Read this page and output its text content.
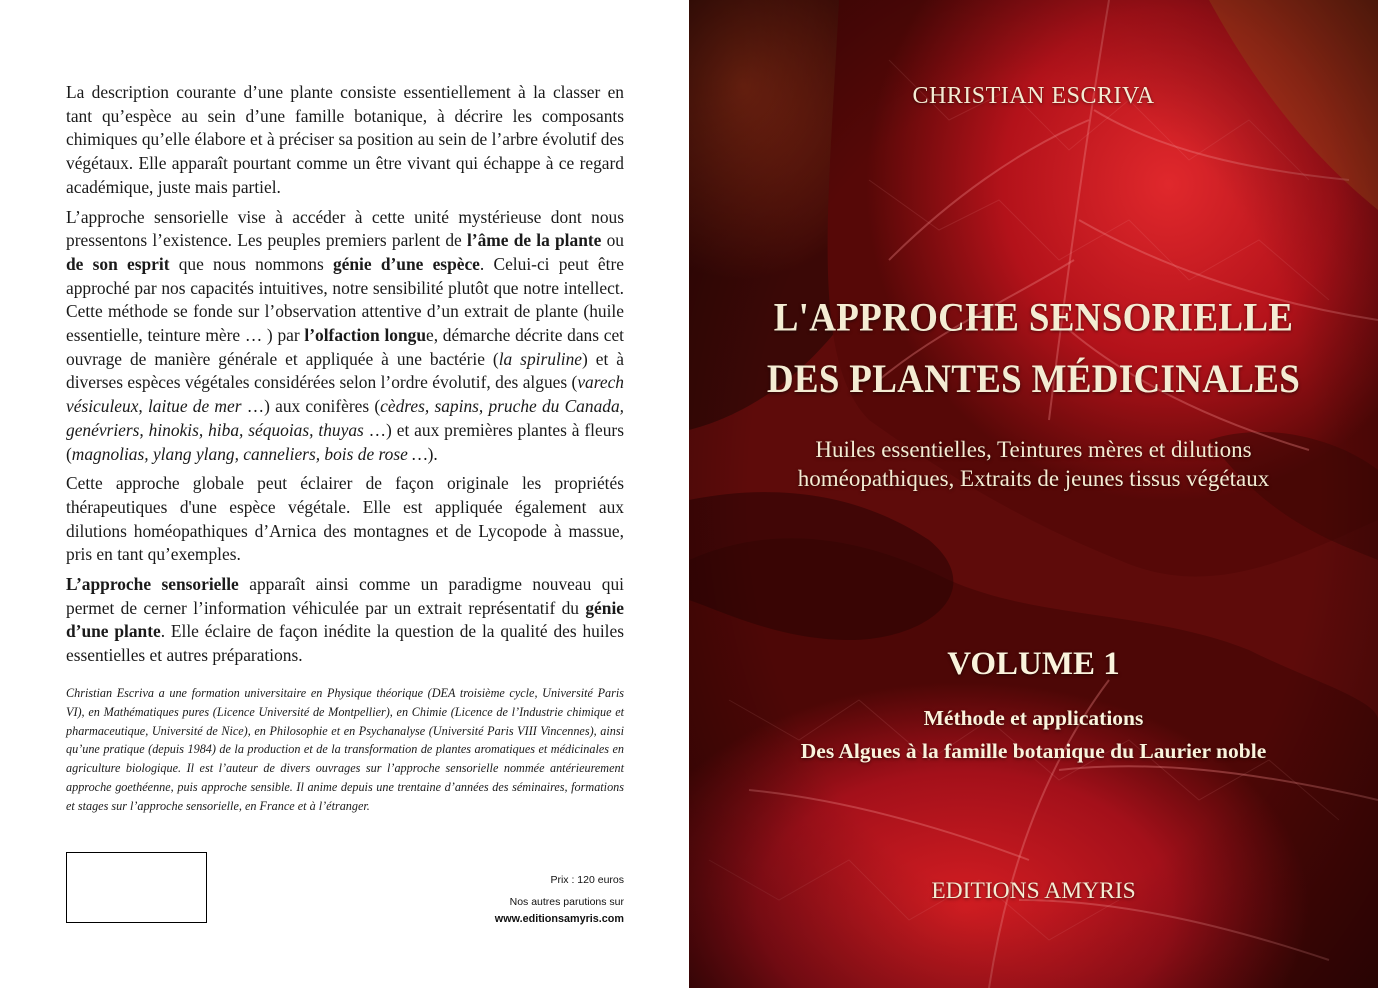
La description courante d’une plante consiste essentiellement à la classer en tant qu’espèce au sein d’une famille botanique, à décrire les composants chimiques qu’elle élabore et à préciser sa position au sein de l’arbre évolutif des végétaux. Elle apparaît pourtant comme un être vivant qui échappe à ce regard académique, juste mais partiel.

L’approche sensorielle vise à accéder à cette unité mystérieuse dont nous pressentons l’existence. Les peuples premiers parlent de l’âme de la plante ou de son esprit que nous nommons génie d’une espèce. Celui-ci peut être approché par nos capacités intuitives, notre sensibilité plutôt que notre intellect. Cette méthode se fonde sur l’observation attentive d’un extrait de plante (huile essentielle, teinture mère … ) par l’olfaction longue, démarche décrite dans cet ouvrage de manière générale et appliquée à une bactérie (la spiruline) et à diverses espèces végétales considérées selon l’ordre évolutif, des algues (varech vésiculeux, laitue de mer …) aux conifères (cèdres, sapins, pruche du Canada, genévriers, hinokis, hiba, séquoias, thuyas …) et aux premières plantes à fleurs (magnolias, ylang ylang, canneliers, bois de rose …).

Cette approche globale peut éclairer de façon originale les propriétés thérapeutiques d'une espèce végétale. Elle est appliquée également aux dilutions homéopathiques d’Arnica des montagnes et de Lycopode à massue, pris en tant qu’exemples.

L’approche sensorielle apparaît ainsi comme un paradigme nouveau qui permet de cerner l’information véhiculée par un extrait représentatif du génie d’une plante. Elle éclaire de façon inédite la question de la qualité des huiles essentielles et autres préparations.

Christian Escriva a une formation universitaire en Physique théorique (DEA troisième cycle, Université Paris VI), en Mathématiques pures (Licence Université de Montpellier), en Chimie (Licence de l’Industrie chimique et pharmaceutique, Université de Nice), en Philosophie et en Psychanalyse (Université Paris VIII Vincennes), ainsi qu’une pratique (depuis 1984) de la production et de la transformation de plantes aromatiques et médicinales en agriculture biologique. Il est l’auteur de divers ouvrages sur l’approche sensorielle nommée antérieurement approche goethéenne, puis approche sensible. Il anime depuis une trentaine d’années des séminaires, formations et stages sur l’approche sensorielle, en France et à l’étranger.
Prix : 120 euros
Nos autres parutions sur
www.editionsamyris.com
CHRISTIAN ESCRIVA
L'APPROCHE SENSORIELLE
DES PLANTES MÉDICINALES
Huiles essentielles, Teintures mères et dilutions
homéopathiques, Extraits de jeunes tissus végétaux
VOLUME 1
Méthode et applications
Des Algues à la famille botanique du Laurier noble
EDITIONS AMYRIS
